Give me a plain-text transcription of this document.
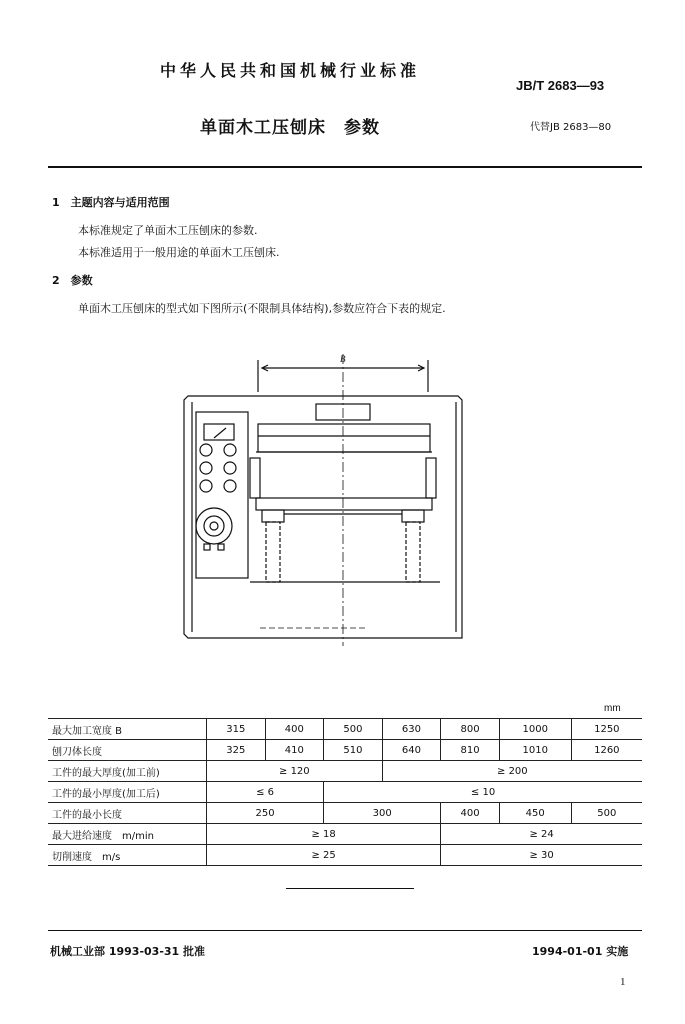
中华人民共和国机械行业标准
JB/T 2683—93
单面木工压刨床　参数	代替JB 2683—80
1　主题内容与适用范围
本标准规定了单面木工压刨床的参数.
本标准适用于一般用途的单面木工压刨床.
2　参数
单面木工压刨床的型式如下图所示(不限制具体结构),参数应符合下表的规定.
B
mm
最大加工宽度 B	315	400	500	630	800	1000	1250
刨刀体长度	325	410	510	640	810	1010	1260
工件的最大厚度(加工前)	≥ 120			≥ 200			
工件的最小厚度(加工后)	≤ 6		≤ 10				
工件的最小长度	250		300		400	450	500
最大进给速度　m/min	≥ 18				≥ 24		
切削速度　m/s	≥ 25				≥ 30		
机械工业部 1993-03-31 批准	1994-01-01 实施
1
